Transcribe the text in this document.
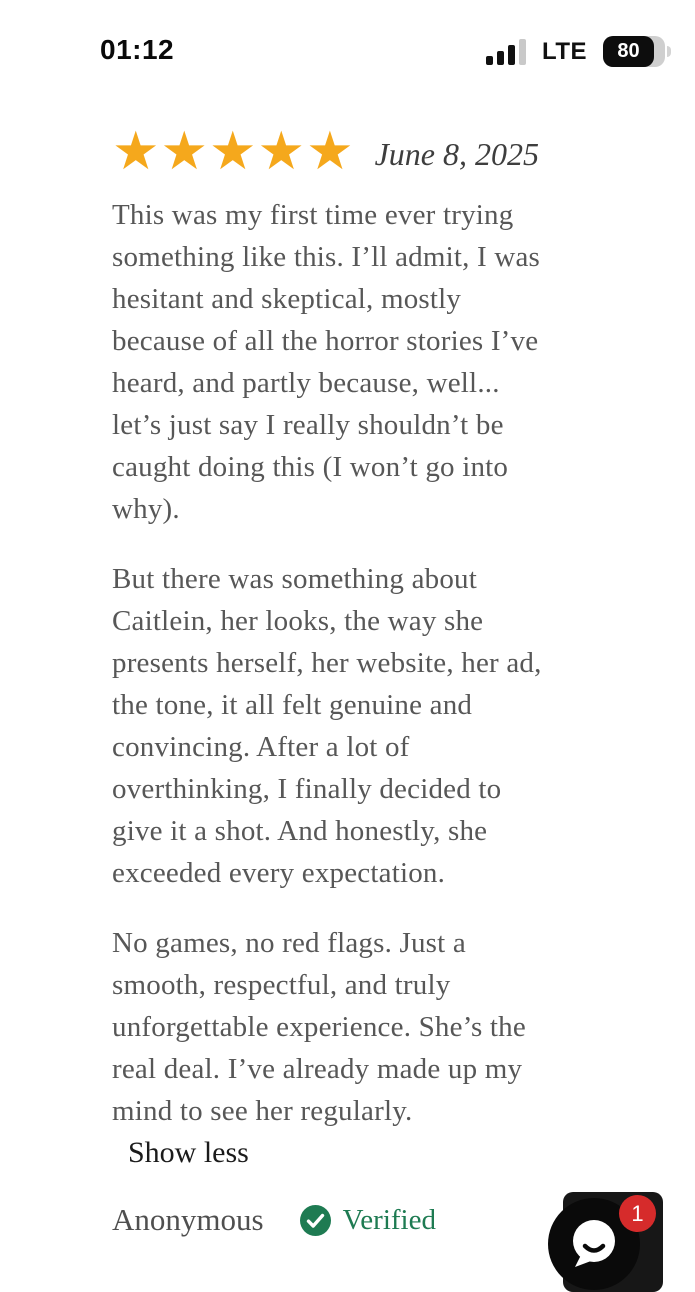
01:12	LTE 80
★ ★ ★ ★ ★ June 8, 2025

This was my first time ever trying something like this. I’ll admit, I was hesitant and skeptical, mostly because of all the horror stories I’ve heard, and partly because, well... let’s just say I really shouldn’t be caught doing this (I won’t go into why).

But there was something about Caitlein, her looks, the way she presents herself, her website, her ad, the tone, it all felt genuine and convincing. After a lot of overthinking, I finally decided to give it a shot. And honestly, she exceeded every expectation.

No games, no red flags. Just a smooth, respectful, and truly unforgettable experience. She’s the real deal. I’ve already made up my mind to see her regularly.

Show less
Anonymous	Verified	1
